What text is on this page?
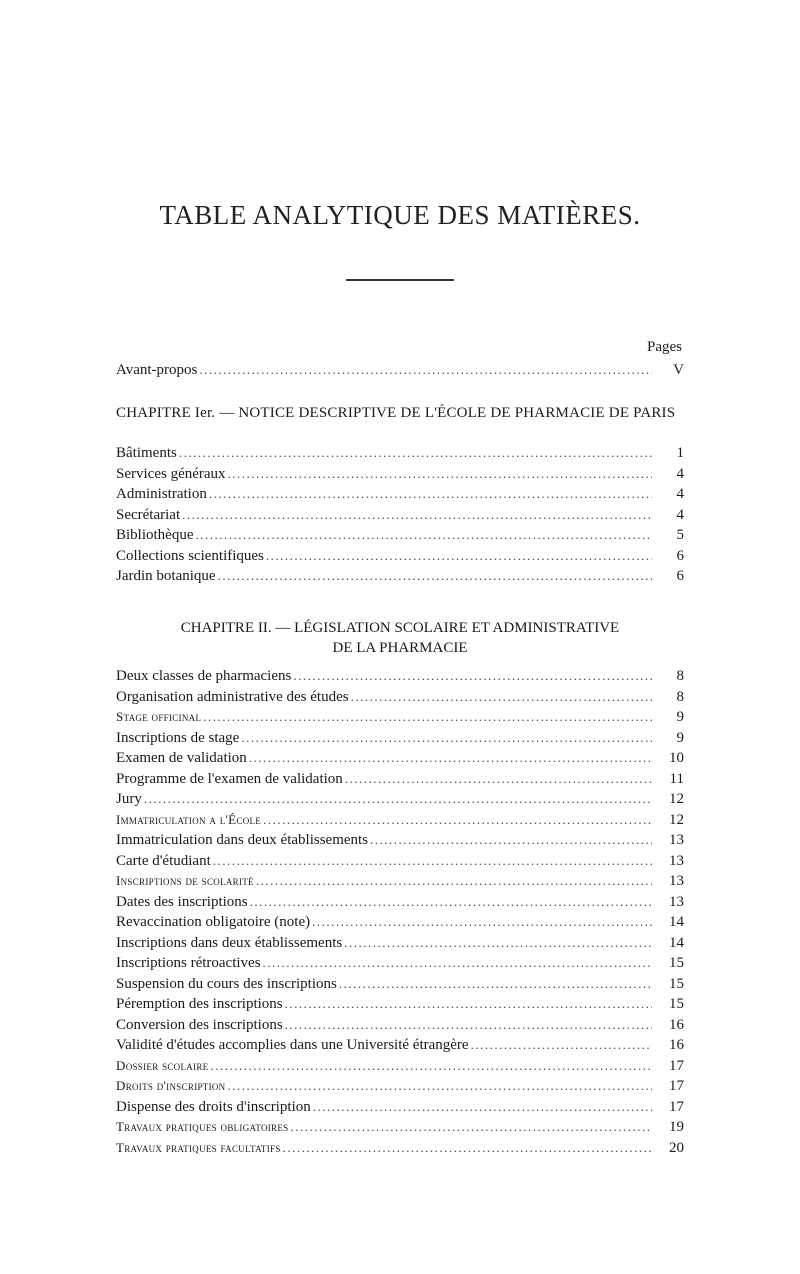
TABLE ANALYTIQUE DES MATIÈRES.
Pages
Avant-propos .....	V
CHAPITRE Ier. — NOTICE DESCRIPTIVE DE L'ÉCOLE DE PHARMACIE DE PARIS
Bâtiments .....	1
Services généraux .....	4
Administration .....	4
Secrétariat .....	4
Bibliothèque .....	5
Collections scientifiques .....	6
Jardin botanique .....	6
CHAPITRE II. — LÉGISLATION SCOLAIRE ET ADMINISTRATIVE
DE LA PHARMACIE
Deux classes de pharmaciens .....	8
Organisation administrative des études .....	8
Stage officinal .....	9
Inscriptions de stage .....	9
Examen de validation .....	10
Programme de l'examen de validation .....	11
Jury .....	12
Immatriculation a l'École .....	12
Immatriculation dans deux établissements .....	13
Carte d'étudiant .....	13
Inscriptions de scolarité .....	13
Dates des inscriptions .....	13
Revaccination obligatoire (note) .....	14
Inscriptions dans deux établissements .....	14
Inscriptions rétroactives .....	15
Suspension du cours des inscriptions .....	15
Péremption des inscriptions .....	15
Conversion des inscriptions .....	16
Validité d'études accomplies dans une Université étrangère .....	16
Dossier scolaire .....	17
Droits d'inscription .....	17
Dispense des droits d'inscription .....	17
Travaux pratiques obligatoires .....	19
Travaux pratiques facultatifs .....	20
